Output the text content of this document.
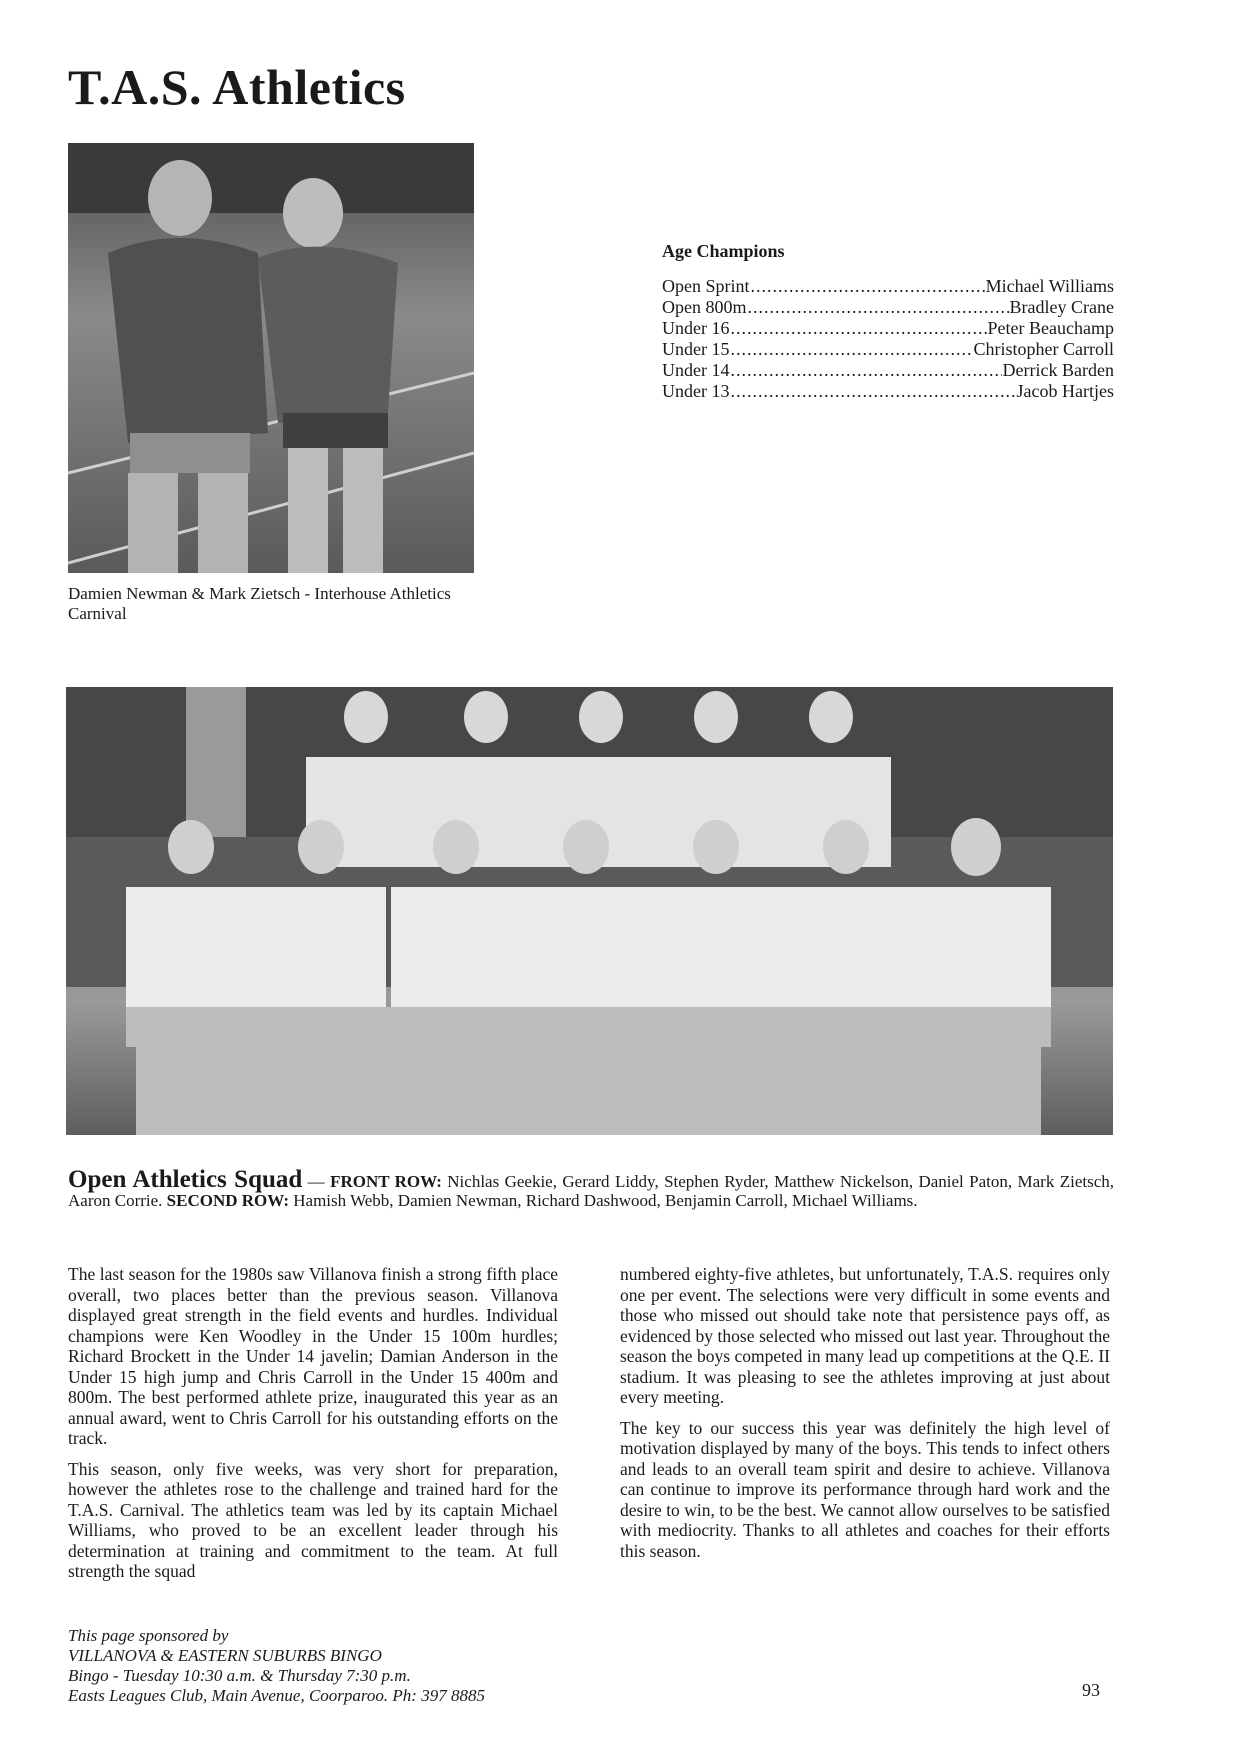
T.A.S. Athletics
Damien Newman & Mark Zietsch - Interhouse Athletics Carnival
Age Champions
Open Sprint .....	Michael Williams
Open 800m .....	Bradley Crane
Under 16 .....	Peter Beauchamp
Under 15 .....	Christopher Carroll
Under 14 .....	Derrick Barden
Under 13 .....	Jacob Hartjes
Open Athletics Squad — FRONT ROW: Nichlas Geekie, Gerard Liddy, Stephen Ryder, Matthew Nickelson, Daniel Paton, Mark Zietsch, Aaron Corrie. SECOND ROW: Hamish Webb, Damien Newman, Richard Dashwood, Benjamin Carroll, Michael Williams.

The last season for the 1980s saw Villanova finish a strong fifth place overall, two places better than the previous season. Villanova displayed great strength in the field events and hurdles. Individual champions were Ken Woodley in the Under 15 100m hurdles; Richard Brockett in the Under 14 javelin; Damian Anderson in the Under 15 high jump and Chris Carroll in the Under 15 400m and 800m. The best performed athlete prize, inaugurated this year as an annual award, went to Chris Carroll for his outstanding efforts on the track.

This season, only five weeks, was very short for preparation, however the athletes rose to the challenge and trained hard for the T.A.S. Carnival. The athletics team was led by its captain Michael Williams, who proved to be an excellent leader through his determination at training and commitment to the team. At full strength the squad

numbered eighty-five athletes, but unfortunately, T.A.S. requires only one per event. The selections were very difficult in some events and those who missed out should take note that persistence pays off, as evidenced by those selected who missed out last year. Throughout the season the boys competed in many lead up competitions at the Q.E. II stadium. It was pleasing to see the athletes improving at just about every meeting.

The key to our success this year was definitely the high level of motivation displayed by many of the boys. This tends to infect others and leads to an overall team spirit and desire to achieve. Villanova can continue to improve its performance through hard work and the desire to win, to be the best. We cannot allow ourselves to be satisfied with mediocrity. Thanks to all athletes and coaches for their efforts this season.

This page sponsored by
VILLANOVA & EASTERN SUBURBS BINGO
Bingo - Tuesday 10:30 a.m. & Thursday 7:30 p.m.
Easts Leagues Club, Main Avenue, Coorparoo. Ph: 397 8885	93
